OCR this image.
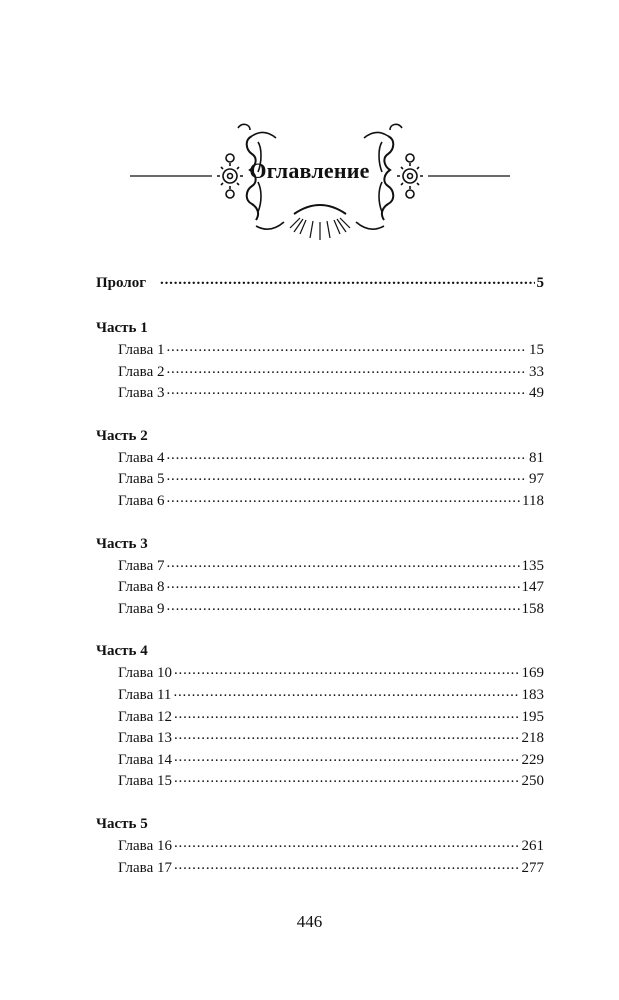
Оглавление
Пролог .....	5
Часть 1
Глава 1 .....	15
Глава 2 .....	33
Глава 3 .....	49
Часть 2
Глава 4 .....	81
Глава 5 .....	97
Глава 6 .....	118
Часть 3
Глава 7 .....	135
Глава 8 .....	147
Глава 9 .....	158
Часть 4
Глава 10 .....	169
Глава 11 .....	183
Глава 12 .....	195
Глава 13 .....	218
Глава 14 .....	229
Глава 15 .....	250
Часть 5
Глава 16 .....	261
Глава 17 .....	277
446
